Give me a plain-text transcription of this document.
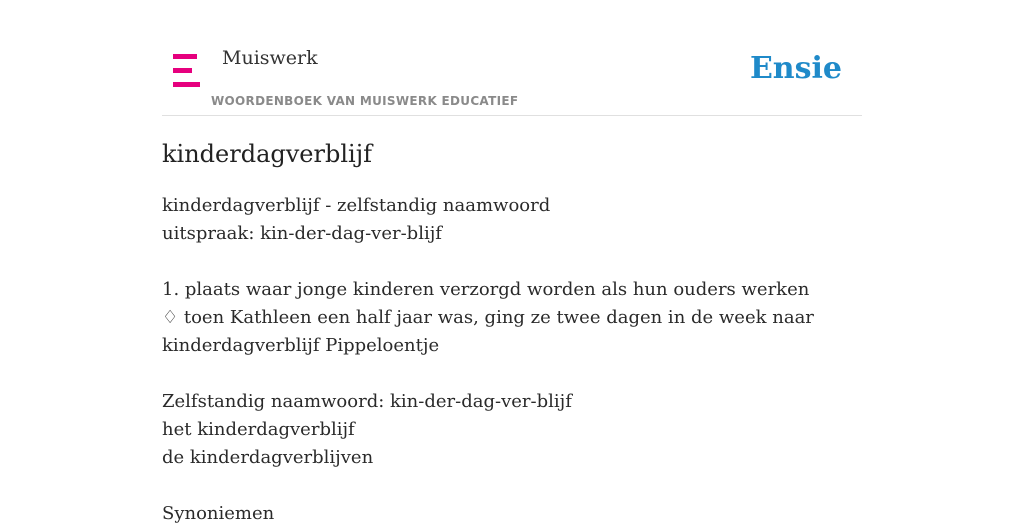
Muiswerk
WOORDENBOEK VAN MUISWERK EDUCATIEF
Ensie
kinderdagverblijf
kinderdagverblijf - zelfstandig naamwoord
uitspraak: kin-der-dag-ver-blijf
1. plaats waar jonge kinderen verzorgd worden als hun ouders werken
♢ toen Kathleen een half jaar was, ging ze twee dagen in de week naar
kinderdagverblijf Pippeloentje
Zelfstandig naamwoord: kin-der-dag-ver-blijf
het kinderdagverblijf
de kinderdagverblijven
Synoniemen
